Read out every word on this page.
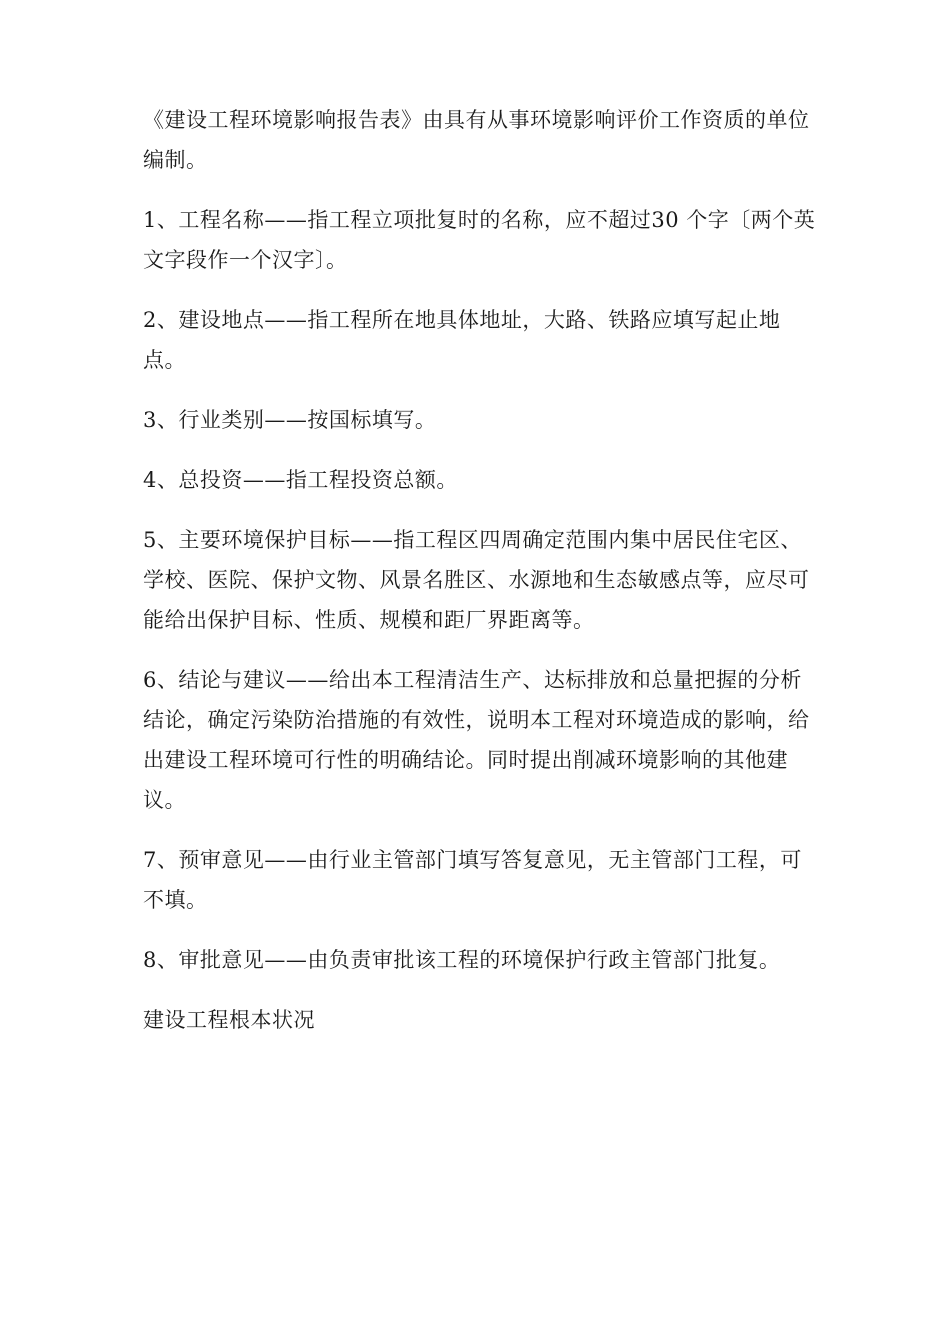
《建设工程环境影响报告表》由具有从事环境影响评价工作资质的单位编制。

1、工程名称——指工程立项批复时的名称，应不超过30 个字〔两个英文字段作一个汉字〕。

2、建设地点——指工程所在地具体地址，大路、铁路应填写起止地点。

3、行业类别——按国标填写。

4、总投资——指工程投资总额。

5、主要环境保护目标——指工程区四周确定范围内集中居民住宅区、学校、医院、保护文物、风景名胜区、水源地和生态敏感点等，应尽可能给出保护目标、性质、规模和距厂界距离等。

6、结论与建议——给出本工程清洁生产、达标排放和总量把握的分析结论，确定污染防治措施的有效性，说明本工程对环境造成的影响，给出建设工程环境可行性的明确结论。同时提出削减环境影响的其他建议。

7、预审意见——由行业主管部门填写答复意见，无主管部门工程，可不填。

8、审批意见——由负责审批该工程的环境保护行政主管部门批复。

建设工程根本状况
